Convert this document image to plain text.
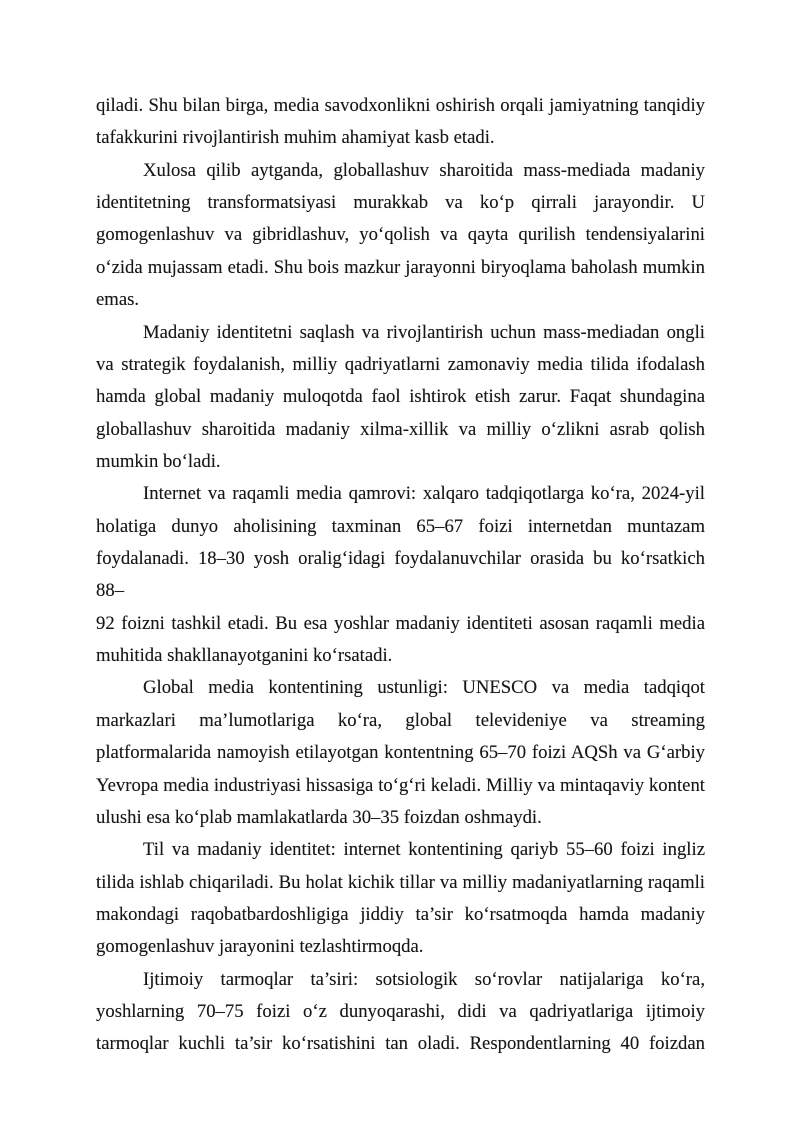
qiladi. Shu bilan birga, media savodxonlikni oshirish orqali jamiyatning tanqidiy
tafakkurini rivojlantirish muhim ahamiyat kasb etadi.
Xulosa qilib aytganda, globallashuv sharoitida mass-mediada madaniy
identitetning transformatsiyasi murakkab va ko‘p qirrali jarayondir. U
gomogenlashuv va gibridlashuv, yo‘qolish va qayta qurilish tendensiyalarini
o‘zida mujassam etadi. Shu bois mazkur jarayonni biryoqlama baholash mumkin
emas.
Madaniy identitetni saqlash va rivojlantirish uchun mass-mediadan ongli
va strategik foydalanish, milliy qadriyatlarni zamonaviy media tilida ifodalash
hamda global madaniy muloqotda faol ishtirok etish zarur. Faqat shundagina
globallashuv sharoitida madaniy xilma-xillik va milliy o‘zlikni asrab qolish
mumkin bo‘ladi.
Internet va raqamli media qamrovi: xalqaro tadqiqotlarga ko‘ra, 2024-yil
holatiga dunyo aholisining taxminan 65–67 foizi internetdan muntazam
foydalanadi. 18–30 yosh oralig‘idagi foydalanuvchilar orasida bu ko‘rsatkich 88–
92 foizni tashkil etadi. Bu esa yoshlar madaniy identiteti asosan raqamli media
muhitida shakllanayotganini ko‘rsatadi.
Global media kontentining ustunligi: UNESCO va media tadqiqot
markazlari ma’lumotlariga ko‘ra, global televideniye va streaming
platformalarida namoyish etilayotgan kontentning 65–70 foizi AQSh va G‘arbiy
Yevropa media industriyasi hissasiga to‘g‘ri keladi. Milliy va mintaqaviy kontent
ulushi esa ko‘plab mamlakatlarda 30–35 foizdan oshmaydi.
Til va madaniy identitet: internet kontentining qariyb 55–60 foizi ingliz
tilida ishlab chiqariladi. Bu holat kichik tillar va milliy madaniyatlarning raqamli
makondagi raqobatbardoshligiga jiddiy ta’sir ko‘rsatmoqda hamda madaniy
gomogenlashuv jarayonini tezlashtirmoqda.
Ijtimoiy tarmoqlar ta’siri: sotsiologik so‘rovlar natijalariga ko‘ra,
yoshlarning 70–75 foizi o‘z dunyoqarashi, didi va qadriyatlariga ijtimoiy
tarmoqlar kuchli ta’sir ko‘rsatishini tan oladi. Respondentlarning 40 foizdan
